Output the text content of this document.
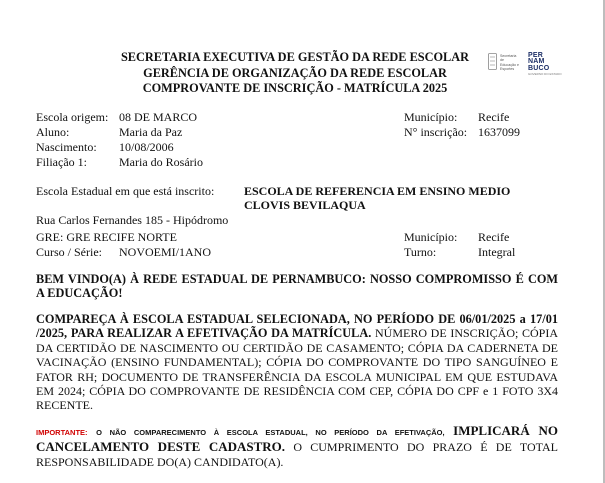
SECRETARIA EXECUTIVA DE GESTÃO DA REDE ESCOLAR
GERÊNCIA DE ORGANIZAÇÃO DA REDE ESCOLAR
COMPROVANTE DE INSCRIÇÃO - MATRÍCULA 2025
Secretaria de Educação e Esportes
PER
NAM
BUCO
GOVERNO DO ESTADO
Escola origem: 08 DE MARCO	Município: Recife
Aluno:	Maria da Paz	N° inscrição: 1637099
Nascimento: 10/08/2006
Filiação 1:	Maria do Rosário
Escola Estadual em que está inscrito: ESCOLA DE REFERENCIA EM ENSINO MEDIO
CLOVIS BEVILAQUA
Rua Carlos Fernandes 185 - Hipódromo
GRE: GRE RECIFE NORTE	Município: Recife
Curso / Série: NOVOEMI/1ANO	Turno:	Integral
BEM VINDO(A) À REDE ESTADUAL DE PERNAMBUCO: NOSSO COMPROMISSO É COM A EDUCAÇÃO!
COMPAREÇA À ESCOLA ESTADUAL SELECIONADA, NO PERÍODO DE 06/01/2025 a 17/01 /2025, PARA REALIZAR A EFETIVAÇÃO DA MATRÍCULA. NÚMERO DE INSCRIÇÃO; CÓPIA DA CERTIDÃO DE NASCIMENTO OU CERTIDÃO DE CASAMENTO; CÓPIA DA CADERNETA DE VACINAÇÃO (ENSINO FUNDAMENTAL); CÓPIA DO COMPROVANTE DO TIPO SANGUÍNEO E FATOR RH; DOCUMENTO DE TRANSFERÊNCIA DA ESCOLA MUNICIPAL EM QUE ESTUDAVA EM 2024; CÓPIA DO COMPROVANTE DE RESIDÊNCIA COM CEP, CÓPIA DO CPF e 1 FOTO 3X4 RECENTE.
IMPORTANTE: O NÃO COMPARECIMENTO À ESCOLA ESTADUAL, NO PERÍODO DA EFETIVAÇÃO, IMPLICARÁ NO CANCELAMENTO DESTE CADASTRO. O CUMPRIMENTO DO PRAZO É DE TOTAL RESPONSABILIDADE DO(A) CANDIDATO(A).
